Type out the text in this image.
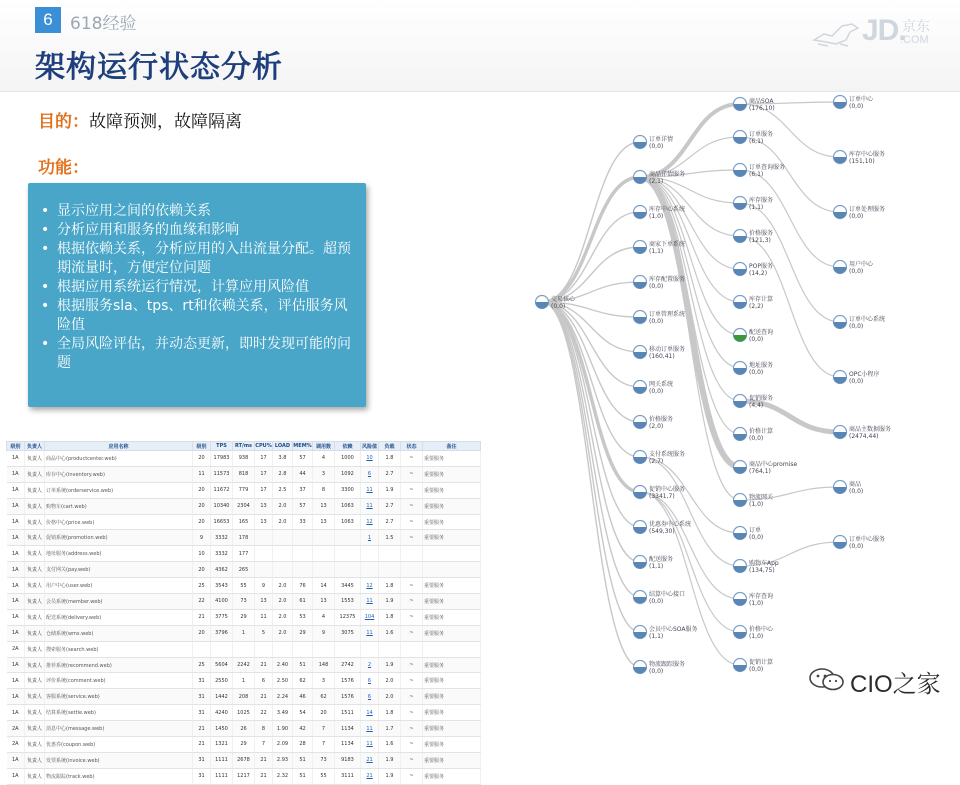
6	618经验
架构运行状态分析
JD.
京东
.COM
目的：故障预测，故障隔离
功能：
• 显示应用之间的依赖关系
• 分析应用和服务的血缘和影响
• 根据依赖关系，分析应用的入出流量分配。超预期流量时，方便定位问题
• 根据应用系统运行情况，计算应用风险值
• 根据服务sla、tps、rt和依赖关系，评估服务风险值
• 全局风险评估，并动态更新，即时发现可能的问题
级别	负责人	应用名称	级别	TPS	RT/ms	CPU%	LOAD	MEM%	调用数	依赖	风险值	负载	状态	备注
1A	负责人	商品中心(productcenter.web)	20	17983	938	17	3.8	57	4	1000	10	1.8	~	重要服务
1A	负责人	库存中心(inventory.web)	11	11573	818	17	2.8	44	3	1092	6	2.7	~	重要服务
1A	负责人	订单系统(orderservice.web)	20	11672	779	17	2.5	37	8	3300	11	1.9	~	重要服务
1A	负责人	购物车(cart.web)	20	10340	2304	13	2.0	57	13	1063	11	2.7	~	重要服务
1A	负责人	价格中心(price.web)	20	16653	165	13	2.0	33	13	1063	12	2.7	~	重要服务
1A	负责人	促销系统(promotion.web)	9	3332	178						1	1.5	~	重要服务
1A	负责人	地址服务(address.web)	10	3332	177									
1A	负责人	支付网关(pay.web)	20	4362	265									
1A	负责人	用户中心(user.web)	25	3543	55	9	2.0	76	14	3445	12	1.8	~	重要服务
1A	负责人	会员系统(member.web)	22	4100	73	13	2.0	61	13	1553	11	1.9	~	重要服务
1A	负责人	配送系统(delivery.web)	21	3775	29	11	2.0	53	4	12375	104	1.8	~	重要服务
1A	负责人	仓储系统(wms.web)	20	3796	1	5	2.0	29	9	3075	11	1.6	~	重要服务
2A	负责人	搜索服务(search.web)												
1A	负责人	推荐系统(recommend.web)	25	5604	2242	21	2.40	51	148	2742	2	1.9	~	重要服务
1A	负责人	评价系统(comment.web)	31	2550	1	6	2.50	62	3	1576	6	2.0	~	重要服务
1A	负责人	客服系统(service.web)	31	1442	208	21	2.24	46	62	1576	6	2.0	~	重要服务
1A	负责人	结算系统(settle.web)	31	4240	1025	22	3.49	54	20	1511	14	1.8	~	重要服务
2A	负责人	消息中心(message.web)	21	1450	26	8	1.90	42	7	1134	11	1.7	~	重要服务
2A	负责人	优惠券(coupon.web)	21	1321	29	7	2.09	28	7	1134	11	1.6	~	重要服务
1A	负责人	发票系统(invoice.web)	31	1111	2678	21	2.93	51	73	9183	21	1.9	~	重要服务
1A	负责人	物流跟踪(track.web)	31	1111	1217	21	2.32	51	55	3111	21	1.9	~	重要服务
交易核心
(0,0)
订单详情
(0,0)
商品详情服务
(2,1)
库存中心系统
(1,0)
商家下单系统
(1,1)
库存配置服务
(0,0)
订单管理系统
(0,0)
移动订单服务
(160,41)
网关系统
(0,0)
价格服务
(2,0)
支付系统服务
(2,7)
促销中心服务
(3341,7)
优惠券中心系统
(549,30)
配送服务
(1,1)
结算中心接口
(0,0)
会员中心SOA服务
(1,1)
物流跟踪服务
(0,0)
商品SOA
(176,10)
订单服务
(6,1)
订单查询服务
(6,1)
库存服务
(1,1)
价格服务
(121,3)
POP服务
(14,2)
库存计算
(2,2)
配送查询
(0,0)
地址服务
(0,0)
促销服务
(4,4)
价格计算
(0,0)
商品中心promise
(764,1)
物流网关
(1,0)
订单
(0,0)
购物车App
(134,75)
库存查询
(1,0)
价格中心
(1,0)
促销计算
(0,0)
订单中心
(0,0)
库存中心服务
(151,10)
订单处理服务
(0,0)
用户中心
(0,0)
订单中心系统
(0,0)
OPC小程序
(0,0)
商品主数据服务
(2474,44)
商品
(0,0)
订单中心服务
(0,0)
CIO之家
